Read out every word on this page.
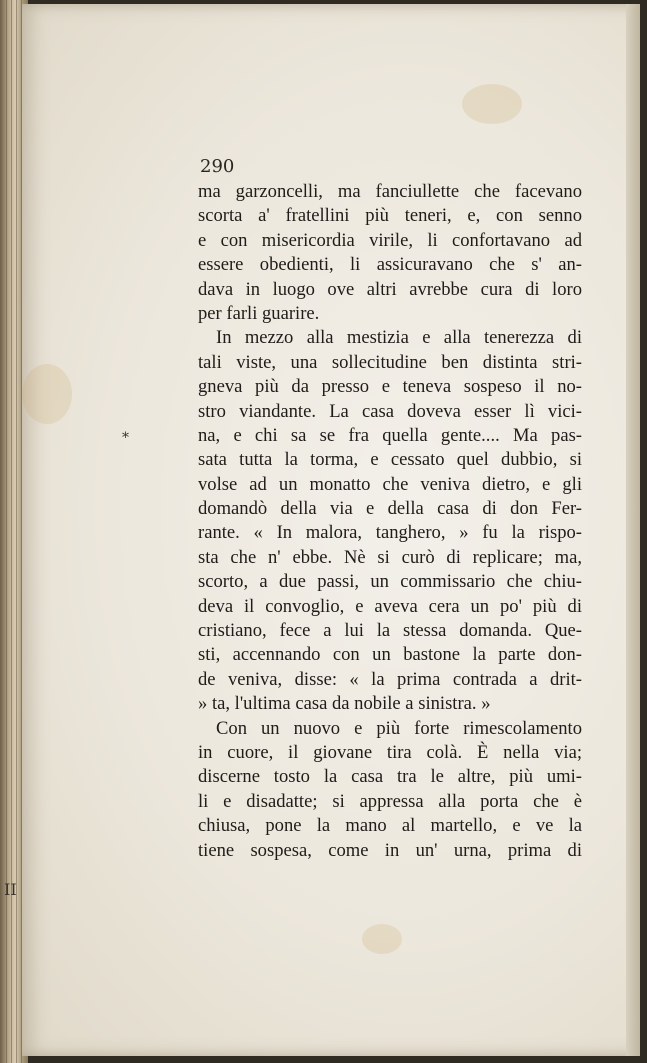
290
ma garzoncelli, ma fanciullette che facevano
scorta a' fratellini più teneri, e, con senno
e con misericordia virile, li confortavano ad
essere obedienti, li assicuravano che s' an-
dava in luogo ove altri avrebbe cura di loro
per farli guarire.
In mezzo alla mestizia e alla tenerezza di
tali viste, una sollecitudine ben distinta stri-
gneva più da presso e teneva sospeso il no-
stro viandante. La casa doveva esser lì vici-
na, e chi sa se fra quella gente.... Ma pas-
sata tutta la torma, e cessato quel dubbio, si
volse ad un monatto che veniva dietro, e gli
domandò della via e della casa di don Fer-
rante. « In malora, tanghero, » fu la rispo-
sta che n' ebbe. Nè si curò di replicare; ma,
scorto, a due passi, un commissario che chiu-
deva il convoglio, e aveva cera un po' più di
cristiano, fece a lui la stessa domanda. Que-
sti, accennando con un bastone la parte don-
de veniva, disse: « la prima contrada a drit-
» ta, l'ultima casa da nobile a sinistra. »
Con un nuovo e più forte rimescolamento
in cuore, il giovane tira colà. È nella via;
discerne tosto la casa tra le altre, più umi-
li e disadatte; si appressa alla porta che è
chiusa, pone la mano al martello, e ve la
tiene sospesa, come in un' urna, prima di
*
II
